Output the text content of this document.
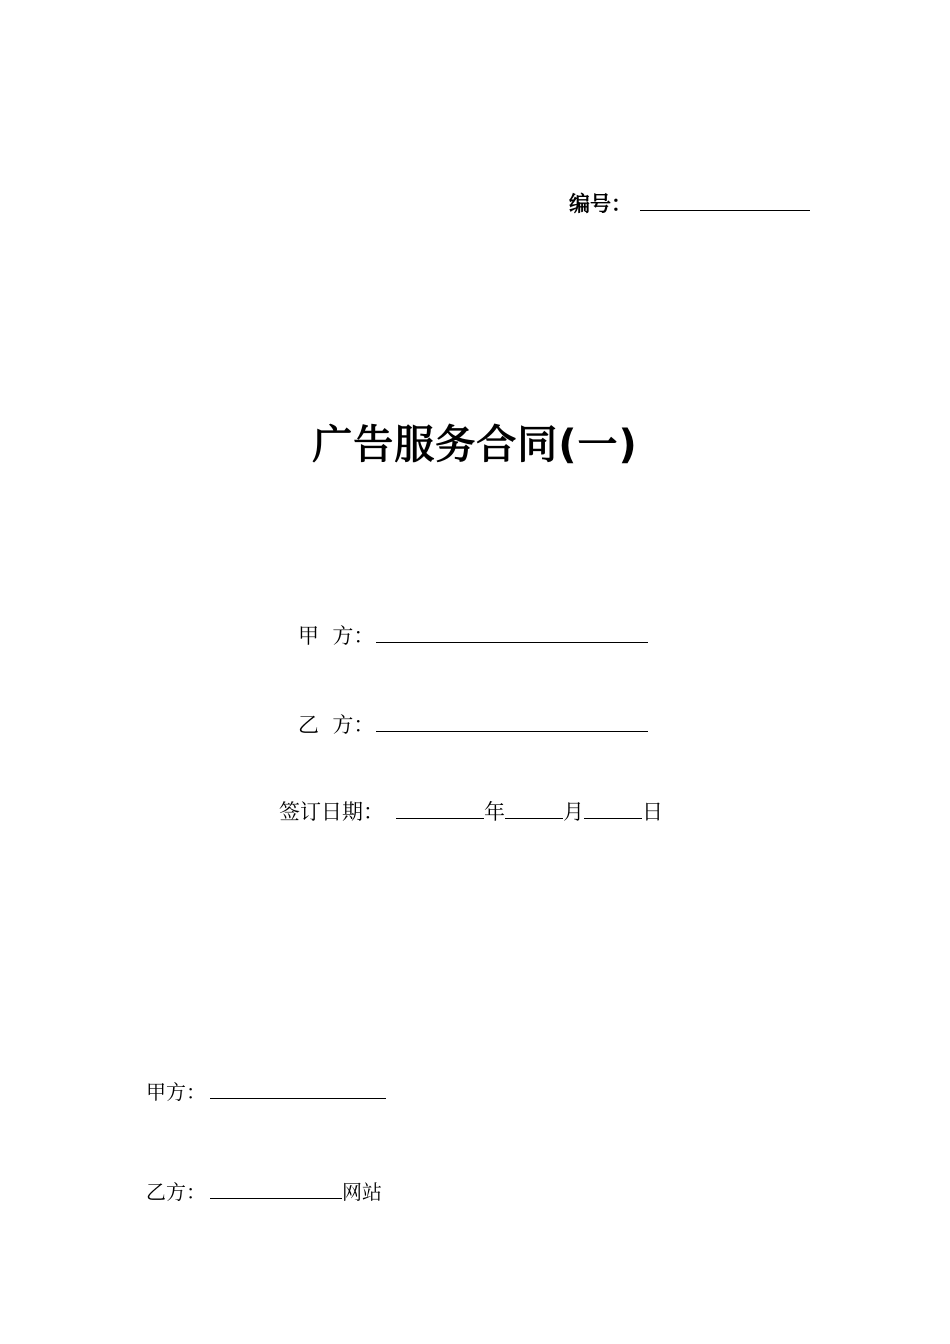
编号：
广告服务合同(一)
甲  方：
乙  方：
签订日期：	年	月	日
甲方：
乙方：	网站
